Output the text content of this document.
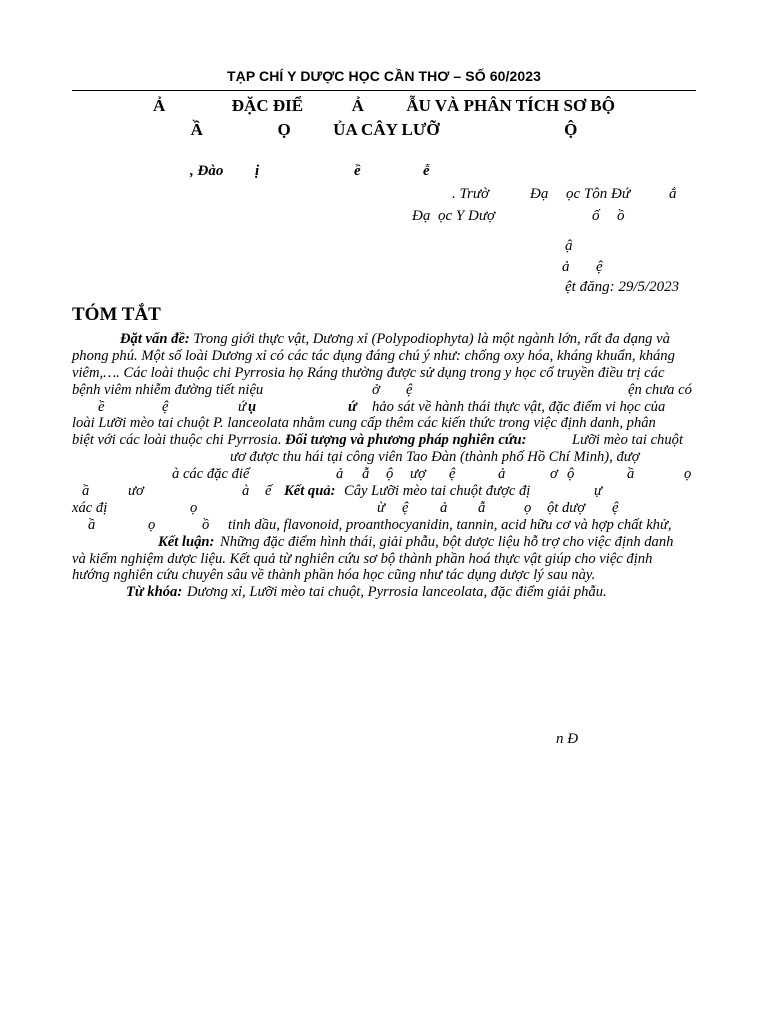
TẠP CHÍ Y DƯỢC HỌC CẦN THƠ – SỐ 60/2023
Ả	ĐẶC ĐIỂ	Ả	ẪU VÀ PHÂN TÍCH SƠ BỘ
Ầ	Ọ	ỦA CÂY LƯỠ	Ộ
, Đào ị	ề	ễ
. Trườ	Đạ ọc Tôn Đứ	ắ
Đạ ọc Y Dượ	ố ồ
ậ
ả ệ
ệt đăng: 29/5/2023
TÓM TẮT

Đặt vấn đề: Trong giới thực vật, Dương xỉ (Polypodiophyta) là một ngành lớn, rất đa dạng và

phong phú. Một số loài Dương xỉ có các tác dụng đáng chú ý như: chống oxy hóa, kháng khuẩn, kháng

viêm,…. Các loài thuộc chi Pyrrosia họ Ráng thường được sử dụng trong y học cổ truyền điều trị các

bệnh viêm nhiễm đường tiết niệu	ở ệ	ện chưa có

ề	ệ	ứ ụ	ứ hảo sát về hành thái thực vật, đặc điểm vi học của

loài Lưỡi mèo tai chuột P. lanceolata nhằm cung cấp thêm các kiến thức trong việc định danh, phân

biệt với các loài thuộc chi Pyrrosia. Đối tượng và phương pháp nghiên cứu:	Lưỡi mèo tai chuột

ươ được thu hái tại công viên Tao Đàn (thành phố Hồ Chí Minh), đượ

à các đặc điể	ả ẫ ộ ượ ệ	ả	ơ ộ	ầ	ọ

ầ	ươ	à ế Kết quả: Cây Lưỡi mèo tai chuột được đị	ự

xác đị	ọ	ừ ệ ả ẫ	ọ ột dượ ệ

ầ	ọ	ồ tinh dầu, flavonoid, proanthocyanidin, tannin, acid hữu cơ và hợp chất khử,

Kết luận: Những đặc điểm hình thái, giải phẫu, bột dược liệu hỗ trợ cho việc định danh

và kiểm nghiệm dược liệu. Kết quả từ nghiên cứu sơ bộ thành phần hoá thực vật giúp cho việc định

hướng nghiên cứu chuyên sâu về thành phần hóa học cũng như tác dụng dược lý sau này.

Từ khóa: Dương xỉ, Lưỡi mèo tai chuột, Pyrrosia lanceolata, đặc điểm giải phẫu.

n Đ
